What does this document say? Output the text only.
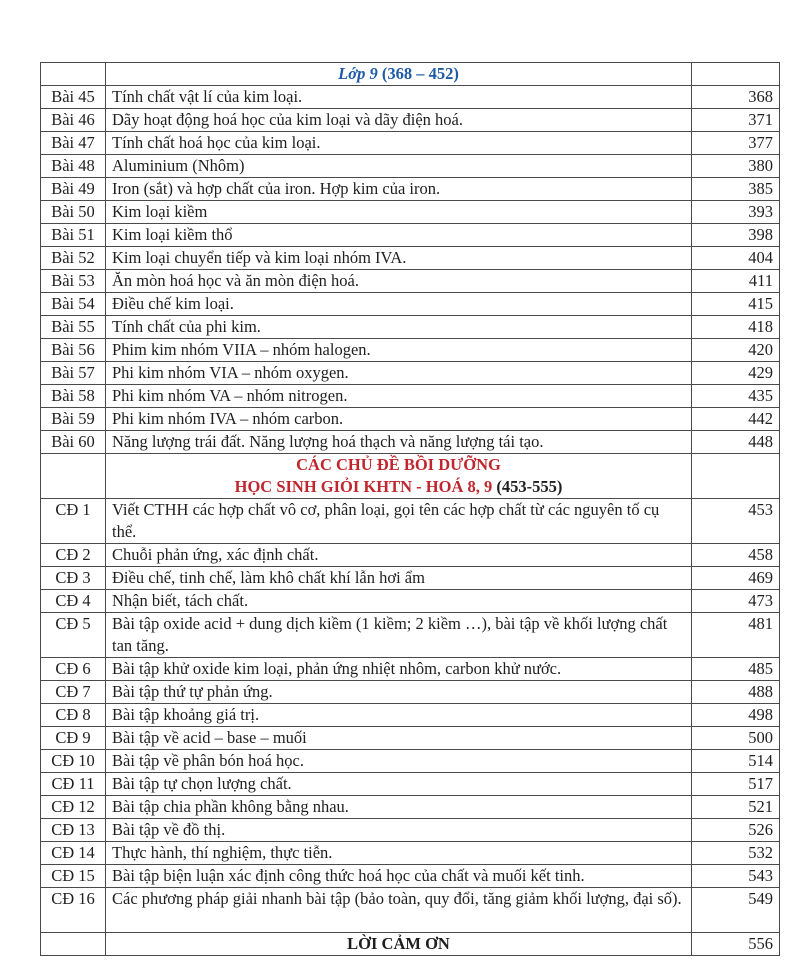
	Lớp 9 (368 – 452)	
Bài 45	Tính chất vật lí của kim loại.	368
Bài 46	Dãy hoạt động hoá học của kim loại và dãy điện hoá.	371
Bài 47	Tính chất hoá học của kim loại.	377
Bài 48	Aluminium (Nhôm)	380
Bài 49	Iron (sắt) và hợp chất của iron. Hợp kim của iron.	385
Bài 50	Kim loại kiềm	393
Bài 51	Kim loại kiềm thổ	398
Bài 52	Kim loại chuyển tiếp và kim loại nhóm IVA.	404
Bài 53	Ăn mòn hoá học và ăn mòn điện hoá.	411
Bài 54	Điều chế kim loại.	415
Bài 55	Tính chất của phi kim.	418
Bài 56	Phim kim nhóm VIIA – nhóm halogen.	420
Bài 57	Phi kim nhóm VIA – nhóm oxygen.	429
Bài 58	Phi kim nhóm VA – nhóm nitrogen.	435
Bài 59	Phi kim nhóm IVA – nhóm carbon.	442
Bài 60	Năng lượng trái đất. Năng lượng hoá thạch và năng lượng tái tạo.	448

	CÁC CHỦ ĐỀ BỒI DƯỠNG
HỌC SINH GIỎI KHTN - HOÁ 8, 9 (453-555)	

CĐ 1	Viết CTHH các hợp chất vô cơ, phân loại, gọi tên các hợp chất từ các nguyên tố cụ thể.	453
CĐ 2	Chuỗi phản ứng, xác định chất.	458
CĐ 3	Điều chế, tinh chế, làm khô chất khí lẫn hơi ẩm	469
CĐ 4	Nhận biết, tách chất.	473
CĐ 5	Bài tập oxide acid + dung dịch kiềm (1 kiềm; 2 kiềm …), bài tập về khối lượng chất tan tăng.	481
CĐ 6	Bài tập khử oxide kim loại, phản ứng nhiệt nhôm, carbon khử nước.	485
CĐ 7	Bài tập thứ tự phản ứng.	488
CĐ 8	Bài tập khoảng giá trị.	498
CĐ 9	Bài tập về acid – base – muối	500
CĐ 10	Bài tập về phân bón hoá học.	514
CĐ 11	Bài tập tự chọn lượng chất.	517
CĐ 12	Bài tập chia phần không bằng nhau.	521
CĐ 13	Bài tập về đồ thị.	526
CĐ 14	Thực hành, thí nghiệm, thực tiễn.	532
CĐ 15	Bài tập biện luận xác định công thức hoá học của chất và muối kết tinh.	543
CĐ 16	Các phương pháp giải nhanh bài tập (bảo toàn, quy đổi, tăng giảm khối lượng, đại số).	549
	LỜI CẢM ƠN	556
